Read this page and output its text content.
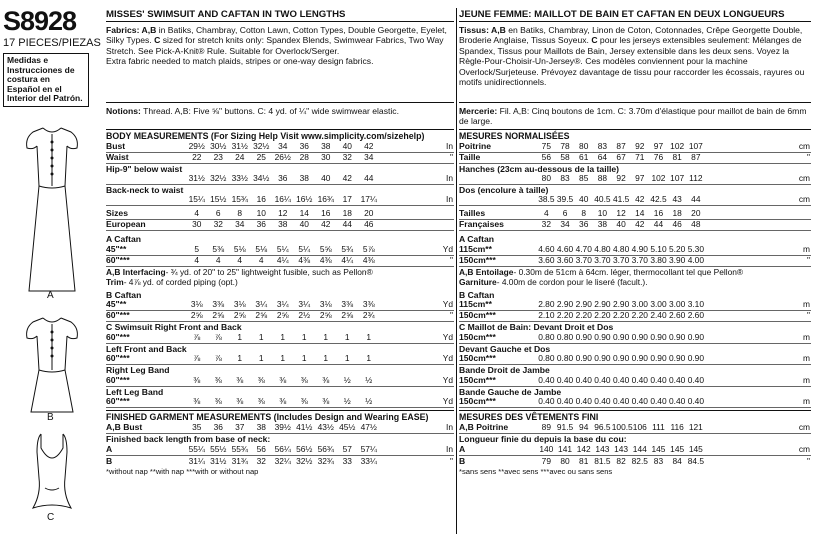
S8928
17 PIECES/PIEZAS
Medidas e Instrucciones de costura en Español en el Interior del Patrón.
A
B
C
MISSES' SWIMSUIT AND CAFTAN IN TWO LENGTHS
Fabrics: A,B in Batiks, Chambray, Cotton Lawn, Cotton Types, Double Georgette, Eyelet, Silky Types. C sized for stretch knits only: Spandex Blends, Swimwear Fabrics, Two Way Stretch. See Pick-A-Knit® Rule. Suitable for Overlock/Serger.
Extra fabric needed to match plaids, stripes or one-way design fabrics.
Notions: Thread. A,B: Five ⅝" buttons. C: 4 yd. of ¼" wide swimwear elastic.
BODY MEASUREMENTS (For Sizing Help Visit www.simplicity.com/sizehelp)
Bust	29½ 30½ 31½ 32½	34	36	38	40	42	In
Waist	22	23	24	25	26½	28	30	32	34	"
Hip-9" below waist
31½ 32½ 33½ 34½	36	38	40	42	44	In
Back-neck to waist
15¼ 15½ 15¾	16	16¼ 16½ 16¾	17	17¼	In
Sizes	4	6	8	10	12	14	16	18	20
European	30	32	34	36	38	40	42	44	46
A Caftan
45"**	5	5⅜	5⅛	5⅛	5¼	5¼	5⅝	5¾	5⅞	Yd
60"***	4	4	4	4	4¼	4⅜	4⅜	4¼	4⅜	"
A,B Interfacing- ¾ yd. of 20" to 25" lightweight fusible, such as Pellon®
Trim- 4⅞ yd. of corded piping (opt.)
B Caftan
45"**	3⅛	3⅜	3⅛	3¼	3¼	3¼	3⅛	3⅜	3⅜	Yd
60"***	2⅝	2⅝	2⅝	2⅝	2⅝	2½	2⅝	2⅝	2¾	"
C Swimsuit Right Front and Back
60"***	⅞	⅞	1	1	1	1	1	1	1	Yd
Left Front and Back
60"***	⅞	⅞	1	1	1	1	1	1	1	Yd
Right Leg Band
60"***	⅜	⅜	⅜	⅜	⅜	⅜	⅜	½	½	Yd
Left Leg Band
60"***	⅜	⅜	⅜	⅜	⅜	⅜	⅜	½	½	Yd
FINISHED GARMENT MEASUREMENTS (Includes Design and Wearing EASE)
A,B Bust	35	36	37	38	39½ 41½ 43½ 45½ 47½	In
Finished back length from base of neck:
A	55¼ 55½ 55¾	56	56¼ 56½ 56¾	57	57¼	In
B	31¼ 31½ 31¾	32	32¼ 32½ 32¾	33	33¼	"
*without nap **with nap ***with or without nap
JEUNE FEMME: MAILLOT DE BAIN ET CAFTAN EN DEUX LONGUEURS
Tissus: A,B en Batiks, Chambray, Linon de Coton, Cotonnades, Crêpe Georgette Double, Broderie Anglaise, Tissus Soyeux. C pour les jerseys extensibles seulement: Mélanges de Spandex, Tissus pour Maillots de Bain, Jersey extensible dans les deux sens. Voyez la Règle-Pour-Choisir-Un-Jersey®. Ces modèles conviennent pour la machine Overlock/Surjeteuse. Prévoyez davantage de tissu pour raccorder les écossais, rayures ou motifs unidirectionnels.
Mercerie: Fil. A,B: Cinq boutons de 1cm. C: 3.70m d'élastique pour maillot de bain de 6mm de large.
MESURES NORMALISÉES
Poitrine	75	78	80	83	87	92	97 102 107	cm
Taille	56	58	61	64	67	71	76	81	87	"
Hanches (23cm au-dessous de la taille)
80	83	85	88	92	97 102 107 112	cm
Dos (encolure à taille)
38.5 39.5 40 40.5 41.5 42 42.5 43	44	cm
Tailles	4	6	8	10	12	14	16	18	20
Françaises	32	34	36	38	40	42	44	46	48
A Caftan
115cm**	4.60 4.60 4.70 4.80 4.80 4.90 5.10 5.20 5.30	m
150cm***	3.60 3.60 3.70 3.70 3.70 3.70 3.80 3.90 4.00	"
A,B Entoilage- 0.30m de 51cm à 64cm. léger, thermocollant tel que Pellon®
Garniture- 4.00m de cordon pour le liseré (facult.).
B Caftan
115cm**	2.80 2.90 2.90 2.90 2.90 3.00 3.00 3.00 3.10	m
150cm***	2.10 2.20 2.20 2.20 2.20 2.20 2.40 2.60 2.60	"
C Maillot de Bain: Devant Droit et Dos
150cm***	0.80 0.80 0.90 0.90 0.90 0.90 0.90 0.90 0.90	m
Devant Gauche et Dos
150cm***	0.80 0.80 0.90 0.90 0.90 0.90 0.90 0.90 0.90	m
Bande Droit de Jambe
150cm***	0.40 0.40 0.40 0.40 0.40 0.40 0.40 0.40 0.40	m
Bande Gauche de Jambe
150cm***	0.40 0.40 0.40 0.40 0.40 0.40 0.40 0.40 0.40	m
MESURES DES VÊTEMENTS FINI
A,B Poitrine	89 91.5 94 96.5 100.5 106 111 116 121	cm
Longueur finie du depuis la base du cou:
A	140 141 142 143 143 144 145 145 145	cm
B	79	80	81 81.5 82 82.5 83	84 84.5	"
*sans sens **avec sens ***avec ou sans sens
